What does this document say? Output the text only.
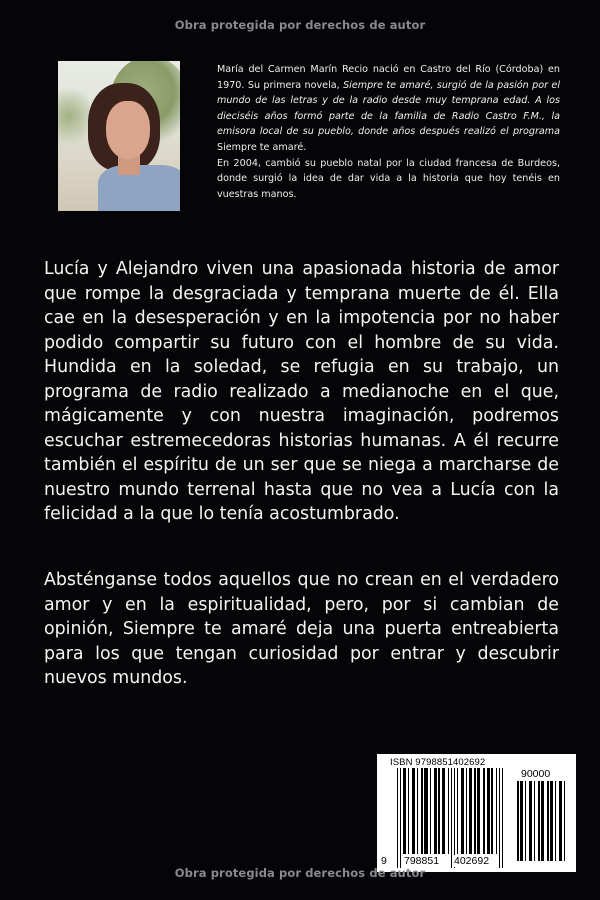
Obra protegida por derechos de autor

María del Carmen Marín Recio nació en Castro del Río (Córdoba) en 1970. Su primera novela, Siempre te amaré, surgió de la pasión por el mundo de las letras y de la radio desde muy temprana edad. A los dieciséis años formó parte de la familia de Radio Castro F.M., la emisora local de su pueblo, donde años después realizó el programa Siempre te amaré.

En 2004, cambió su pueblo natal por la ciudad francesa de Burdeos, donde surgió la idea de dar vida a la historia que hoy tenéis en vuestras manos.

Lucía y Alejandro viven una apasionada historia de amor que rompe la desgraciada y temprana muerte de él. Ella cae en la desesperación y en la impotencia por no haber podido compartir su futuro con el hombre de su vida. Hundida en la soledad, se refugia en su trabajo, un programa de radio realizado a medianoche en el que, mágicamente y con nuestra imaginación, podremos escuchar estremecedoras historias humanas. A él recurre también el espíritu de un ser que se niega a marcharse de nuestro mundo terrenal hasta que no vea a Lucía con la felicidad a la que lo tenía acostumbrado.

Absténganse todos aquellos que no crean en el verdadero amor y en la espiritualidad, pero, por si cambian de opinión, Siempre te amaré deja una puerta entreabierta para los que tengan curiosidad por entrar y descubrir nuevos mundos.

ISBN 9798851402692
90000
9 798851 402692
Obra protegida por derechos de autor
